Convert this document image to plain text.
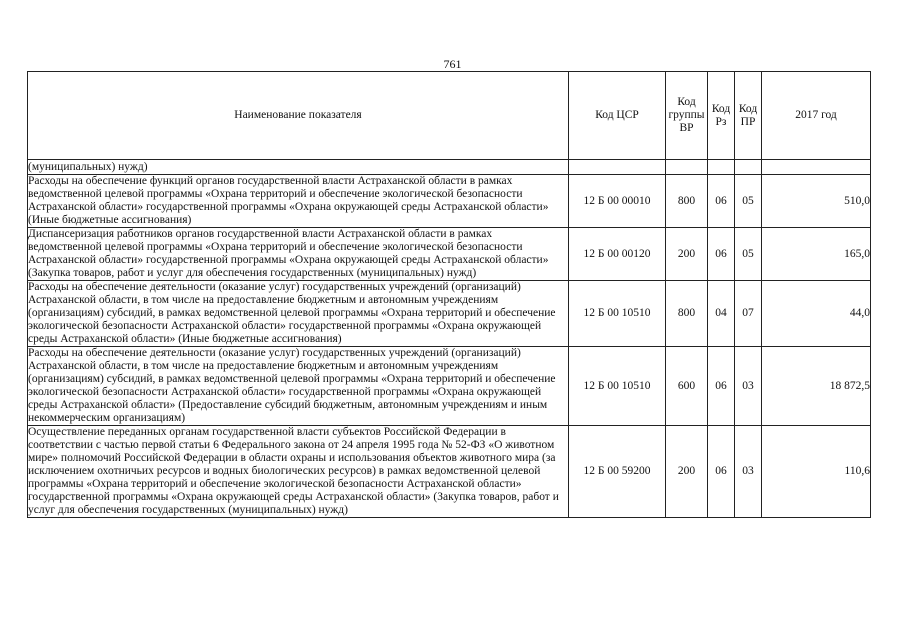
761
Наименование показателя	Код ЦСР	Код группы ВР	Код Рз	Код ПР	2017 год
(муниципальных) нужд)					
Расходы на обеспечение функций органов государственной власти Астраханской области в рамках ведомственной целевой программы «Охрана территорий и обеспечение экологической безопасности Астраханской области» государственной программы «Охрана окружающей среды Астраханской области» (Иные бюджетные ассигнования)	12 Б 00 00010	800	06	05	510,0
Диспансеризация работников органов государственной власти Астраханской области в рамках ведомственной целевой программы «Охрана территорий и обеспечение экологической безопасности Астраханской области» государственной программы «Охрана окружающей среды Астраханской области» (Закупка товаров, работ и услуг для обеспечения государственных (муниципальных) нужд)	12 Б 00 00120	200	06	05	165,0
Расходы на обеспечение деятельности (оказание услуг) государственных учреждений (организаций) Астраханской области, в том числе на предоставление бюджетным и автономным учреждениям (организациям) субсидий, в рамках ведомственной целевой программы «Охрана территорий и обеспечение экологической безопасности Астраханской области» государственной программы «Охрана окружающей среды Астраханской области» (Иные бюджетные ассигнования)	12 Б 00 10510	800	04	07	44,0
Расходы на обеспечение деятельности (оказание услуг) государственных учреждений (организаций) Астраханской области, в том числе на предоставление бюджетным и автономным учреждениям (организациям) субсидий, в рамках ведомственной целевой программы «Охрана территорий и обеспечение экологической безопасности Астраханской области» государственной программы «Охрана окружающей среды Астраханской области» (Предоставление субсидий бюджетным, автономным учреждениям и иным некоммерческим организациям)	12 Б 00 10510	600	06	03	18 872,5
Осуществление переданных органам государственной власти субъектов Российской Федерации в соответствии с частью первой статьи 6 Федерального закона от 24 апреля 1995 года № 52-ФЗ «О животном мире» полномочий Российской Федерации в области охраны и использования объектов животного мира (за исключением охотничьих ресурсов и водных биологических ресурсов) в рамках ведомственной целевой программы «Охрана территорий и обеспечение экологической безопасности Астраханской области» государственной программы «Охрана окружающей среды Астраханской области» (Закупка товаров, работ и услуг для обеспечения государственных (муниципальных) нужд)	12 Б 00 59200	200	06	03	110,6
